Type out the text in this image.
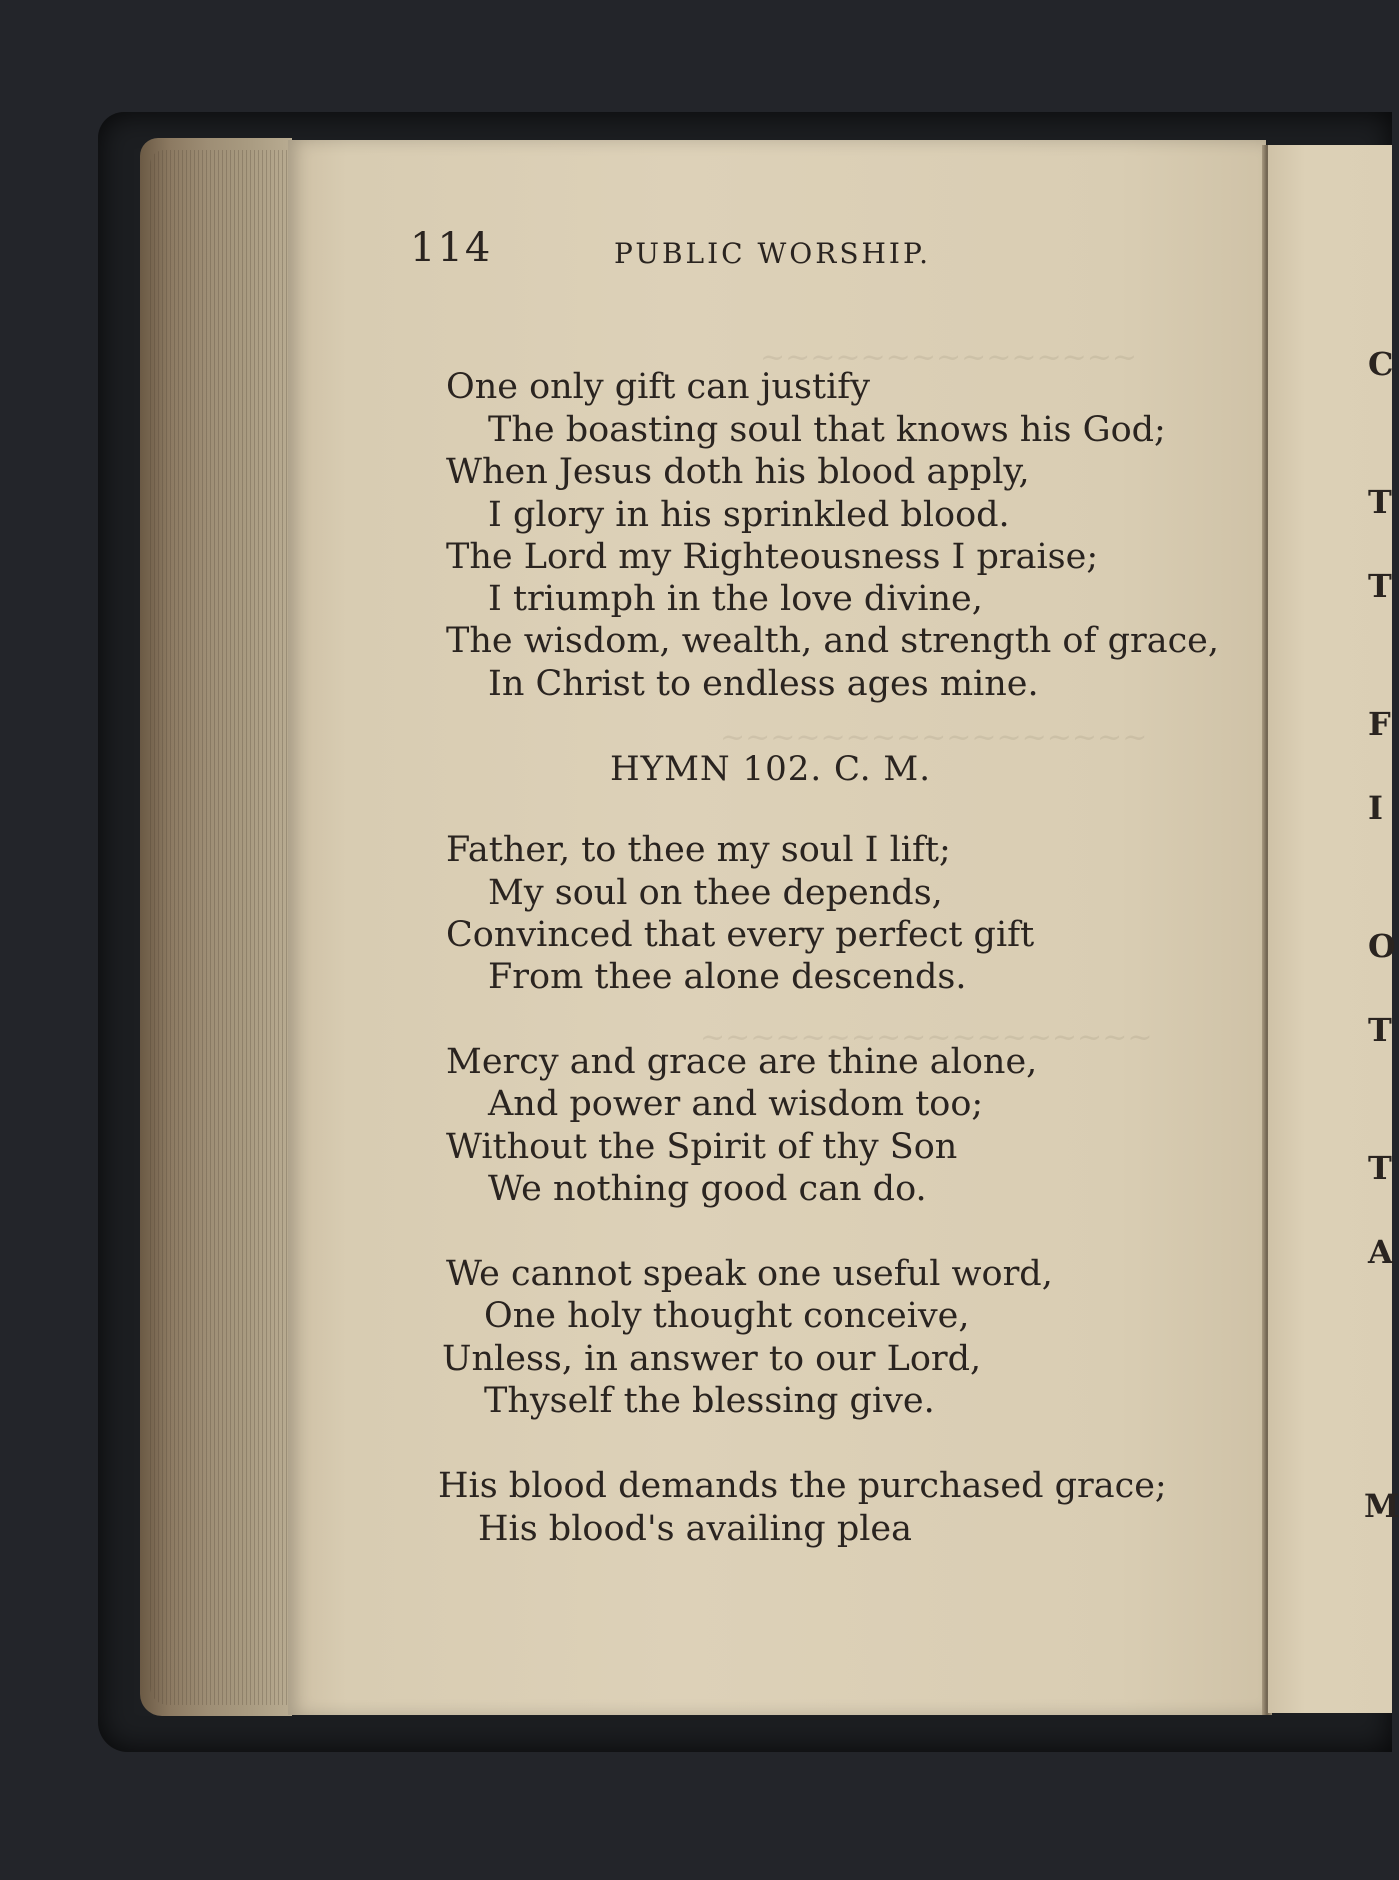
~~~~~~~~~~~~~~~
~~~~~~~~~~~~~~~~~
~~~~~~~~~~~~~~~~~~
114	PUBLIC WORSHIP.
One only gift can justify
The boasting soul that knows his God;
When Jesus doth his blood apply,
I glory in his sprinkled blood.
The Lord my Righteousness I praise;
I triumph in the love divine,
The wisdom, wealth, and strength of grace,
In Christ to endless ages mine.
HYMN 102. C. M.
Father, to thee my soul I lift;
My soul on thee depends,
Convinced that every perfect gift
From thee alone descends.
Mercy and grace are thine alone,
And power and wisdom too;
Without the Spirit of thy Son
We nothing good can do.
We cannot speak one useful word,
One holy thought conceive,
Unless, in answer to our Lord,
Thyself the blessing give.
His blood demands the purchased grace;
His blood's availing plea
C
T
T
F
I
O
T
T
A
M
